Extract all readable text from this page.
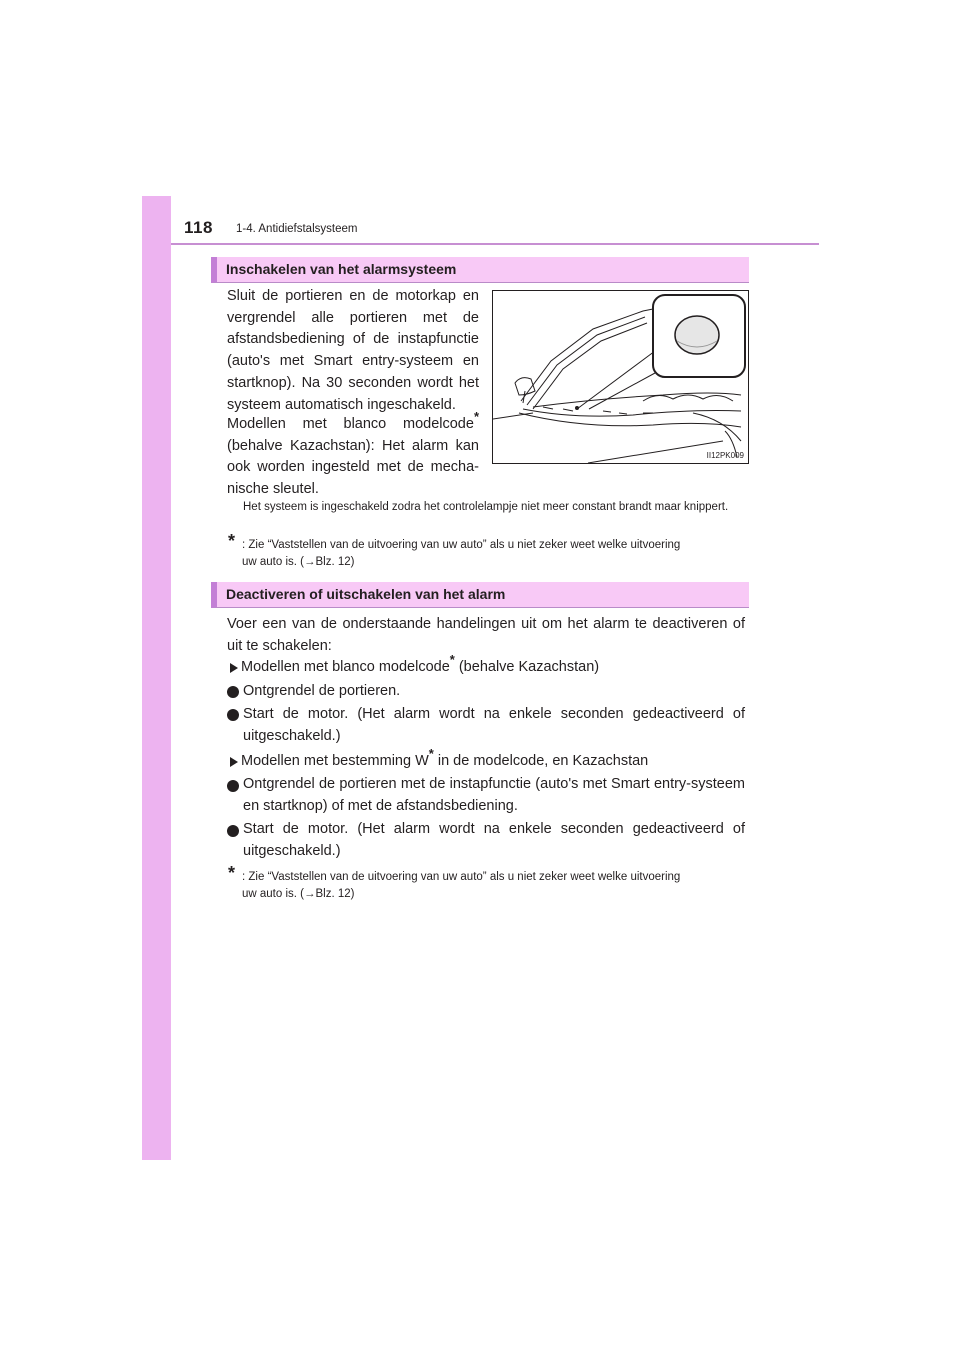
118 1-4. Antidiefstalsysteem
Inschakelen van het alarmsysteem

Sluit de portieren en de motorkap en vergrendel alle portieren met de afstandsbediening of de instapfunctie (auto's met Smart entry-systeem en startknop). Na 30 seconden wordt het systeem automatisch ingeschakeld.

Modellen met blanco modelcode* (behalve Kazachstan): Het alarm kan ook worden ingesteld met de mecha-nische sleutel.

II12PK009
Het systeem is ingeschakeld zodra het controlelampje niet meer constant brandt maar knippert.
* : Zie “Vaststellen van de uitvoering van uw auto” als u niet zeker weet welke uitvoering
uw auto is. (→Blz. 12)
Deactiveren of uitschakelen van het alarm

Voer een van de onderstaande handelingen uit om het alarm te deactiveren of uit te schakelen:

Modellen met blanco modelcode* (behalve Kazachstan)
Ontgrendel de portieren.
Start de motor. (Het alarm wordt na enkele seconden gedeactiveerd of uitgeschakeld.)
Modellen met bestemming W* in de modelcode, en Kazachstan
Ontgrendel de portieren met de instapfunctie (auto's met Smart entry-systeem en startknop) of met de afstandsbediening.
Start de motor. (Het alarm wordt na enkele seconden gedeactiveerd of uitgeschakeld.)
* : Zie “Vaststellen van de uitvoering van uw auto” als u niet zeker weet welke uitvoering
uw auto is. (→Blz. 12)
